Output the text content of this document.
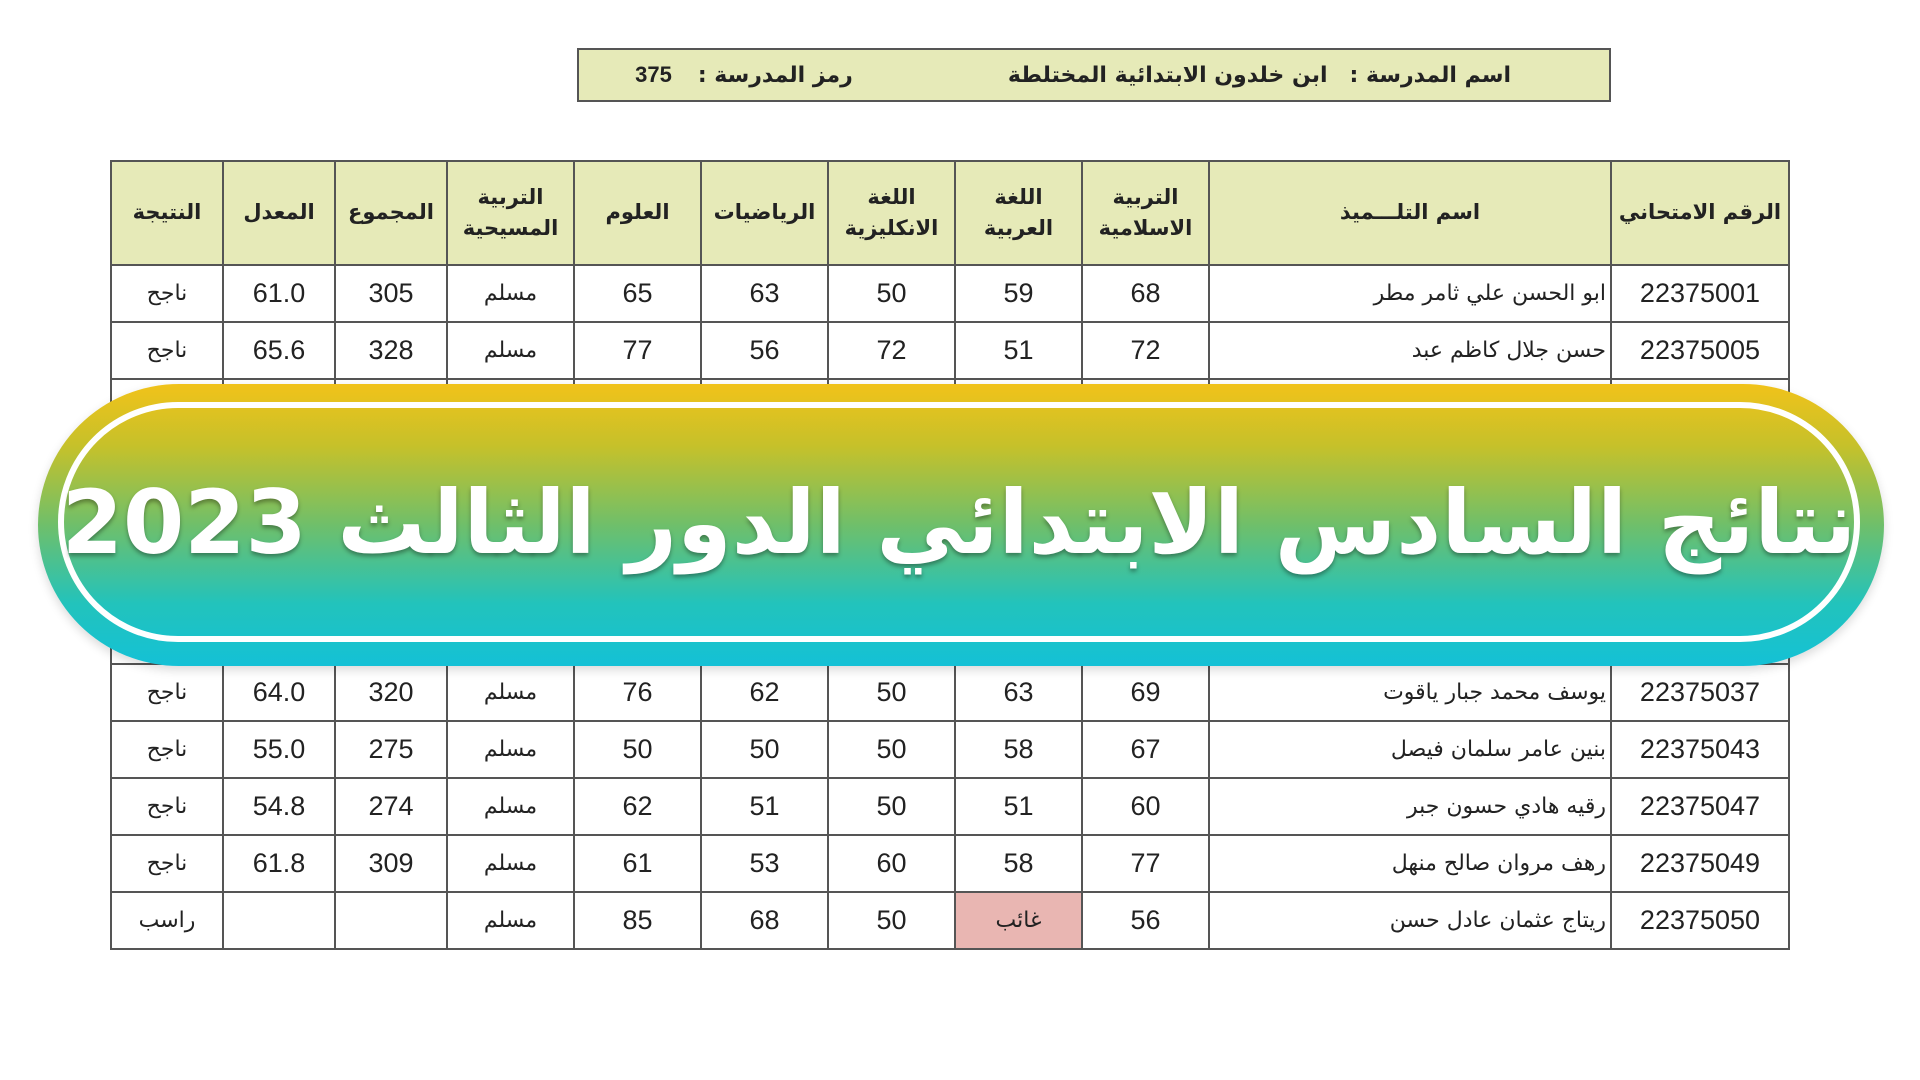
اسم المدرسة :
ابن خلدون الابتدائية المختلطة
رمز المدرسة :
375
الرقم الامتحاني	اسم التلـــميذ	التربية الاسلامية	اللغة العربية	اللغة الانكليزية	الرياضيات	العلوم	التربية المسيحية	المجموع	المعدل	النتيجة
22375001	ابو الحسن علي ثامر مطر	68	59	50	63	65	مسلم	305	61.0	ناجح
22375005	حسن جلال كاظم عبد	72	51	72	56	77	مسلم	328	65.6	ناجح

22375037	يوسف محمد جبار ياقوت	69	63	50	62	76	مسلم	320	64.0	ناجح
22375043	بنين عامر سلمان فيصل	67	58	50	50	50	مسلم	275	55.0	ناجح
22375047	رقيه هادي حسون جبر	60	51	50	51	62	مسلم	274	54.8	ناجح
22375049	رهف مروان صالح منهل	77	58	60	53	61	مسلم	309	61.8	ناجح
22375050	ريتاج عثمان عادل حسن	56	غائب	50	68	85	مسلم			راسب
نتائج السادس الابتدائي الدور الثالث 2023
